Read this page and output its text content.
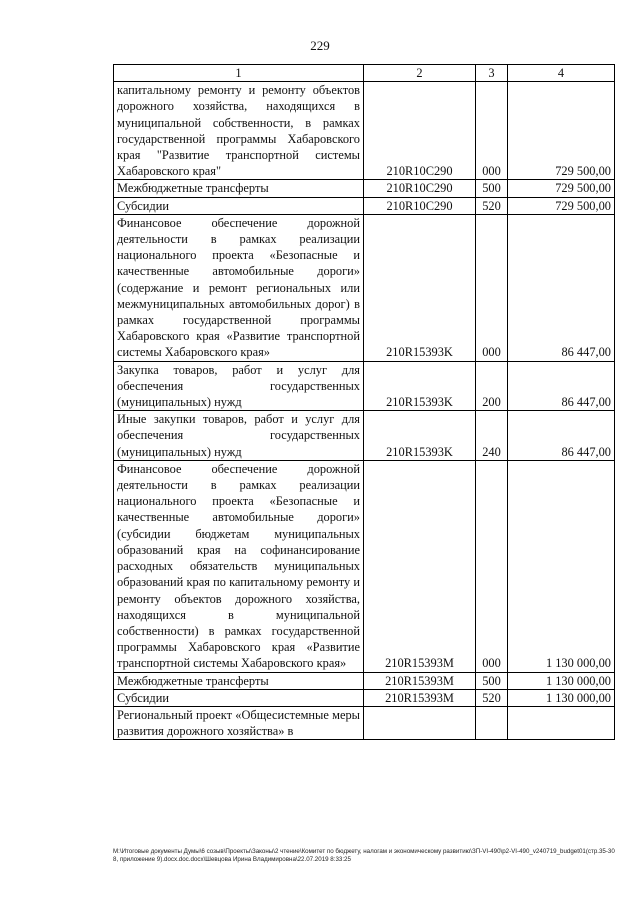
229
1	2	3	4
капитальному ремонту и ремонту объектов дорожного хозяйства, находящихся в муниципальной собственности, в рамках государственной программы Хабаровского края "Развитие транспортной системы Хабаровского края"	210R10C290	000	729 500,00
Межбюджетные трансферты	210R10C290	500	729 500,00
Субсидии	210R10C290	520	729 500,00
Финансовое обеспечение дорожной деятельности в рамках реализации национального проекта «Безопасные и качественные автомобильные дороги» (содержание и ремонт региональных или межмуниципальных автомобильных дорог) в рамках государственной программы Хабаровского края «Развитие транспортной системы Хабаровского края»	210R15393K	000	86 447,00
Закупка товаров, работ и услуг для обеспечения государственных (муниципальных) нужд	210R15393K	200	86 447,00
Иные закупки товаров, работ и услуг для обеспечения государственных (муниципальных) нужд	210R15393K	240	86 447,00
Финансовое обеспечение дорожной деятельности в рамках реализации национального проекта «Безопасные и качественные автомобильные дороги» (субсидии бюджетам муниципальных образований края на софинансирование расходных обязательств муниципальных образований края по капитальному ремонту и ремонту объектов дорожного хозяйства, находящихся в муниципальной собственности) в рамках государственной программы Хабаровского края «Развитие транспортной системы Хабаровского края»	210R15393M	000	1 130 000,00
Межбюджетные трансферты	210R15393M	500	1 130 000,00
Субсидии	210R15393M	520	1 130 000,00
Региональный проект «Общесистемные меры развития дорожного хозяйства» в			
M:\Итоговые документы Думы\6 созыв\Проекты\Законы\2 чтение\Комитет по бюджету, налогам и экономическому развитию\ЗП-VI-490\p2-VI-490_v240719_budget01(стр.35-308, приложение 9).docx.doc.docx\Шевцова Ирина Владимировна\22.07.2019 8:33:25
